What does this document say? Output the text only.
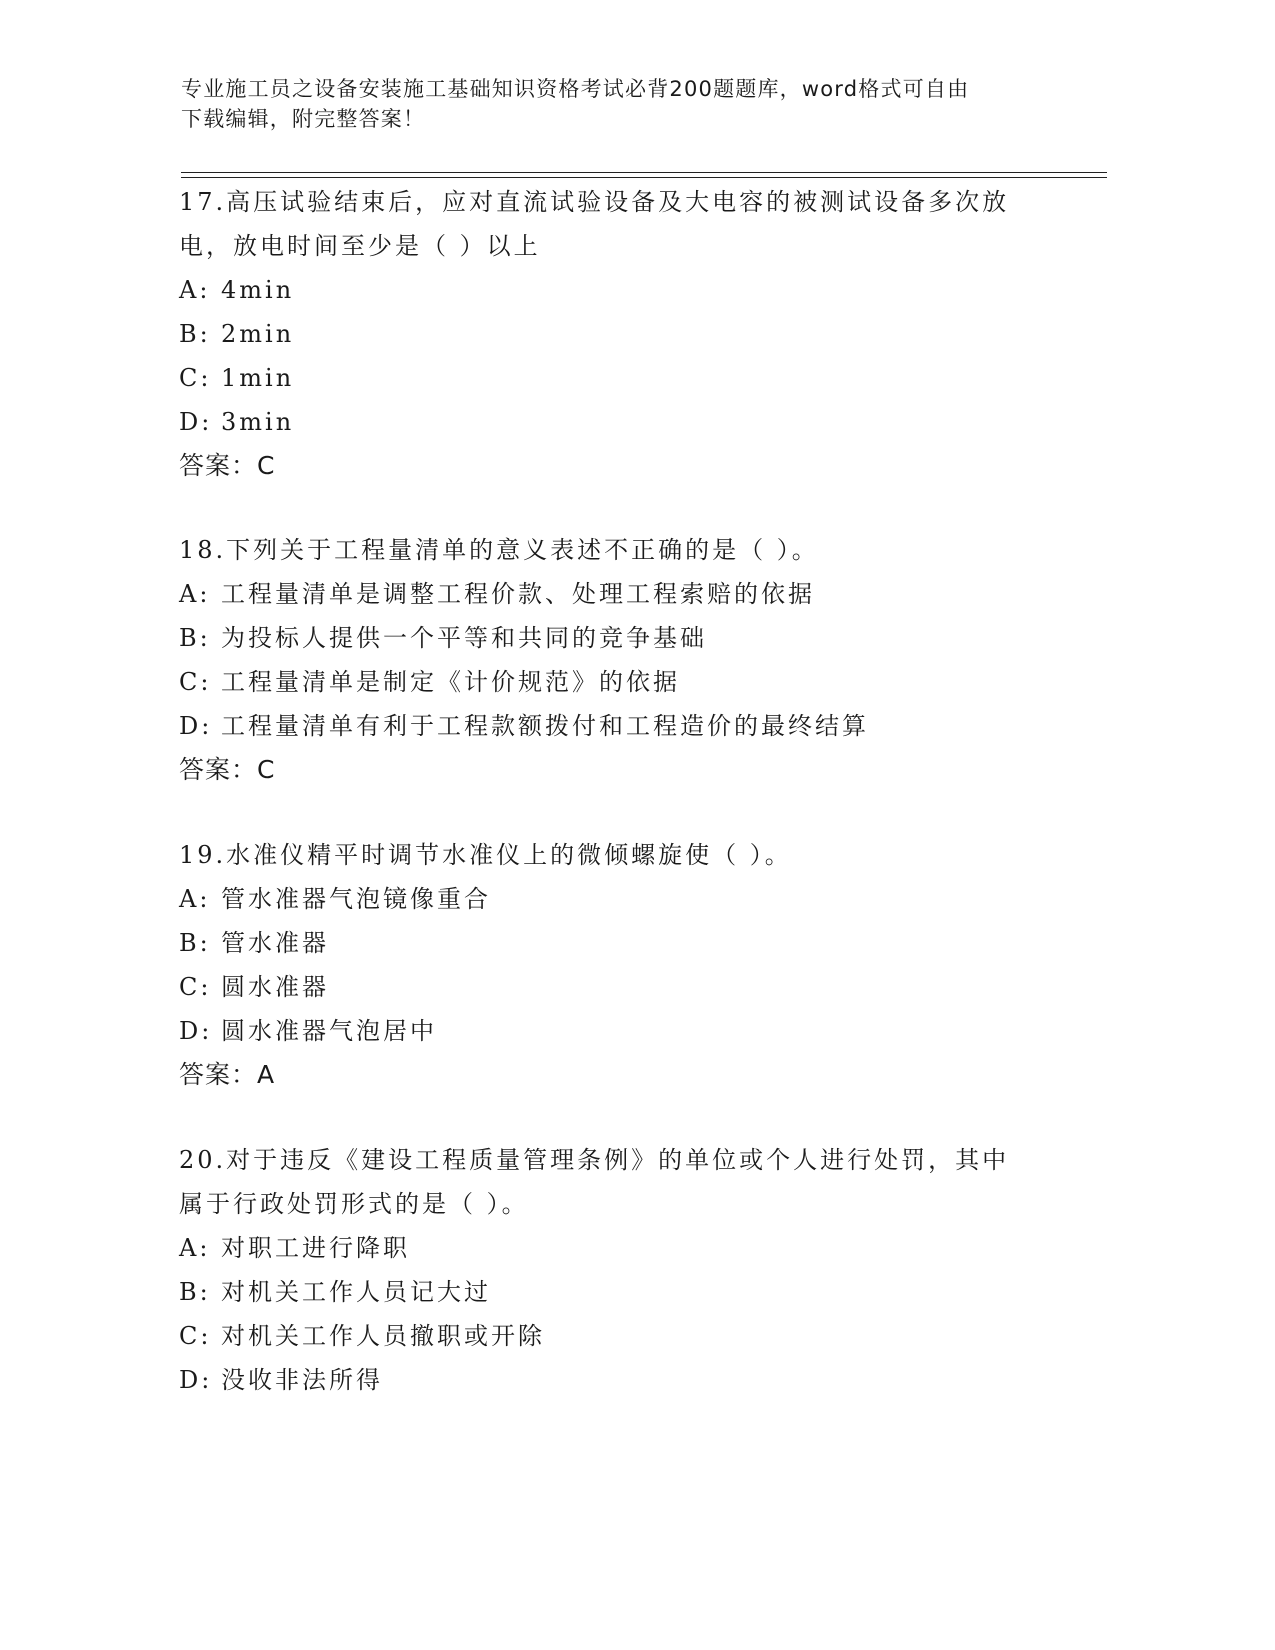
专业施工员之设备安装施工基础知识资格考试必背200题题库，word格式可自由
下载编辑，附完整答案！
17.高压试验结束后，应对直流试验设备及大电容的被测试设备多次放
电，放电时间至少是（ ）以上
A: 4min
B: 2min
C: 1min
D: 3min
答案：C
18.下列关于工程量清单的意义表述不正确的是（ ）。
A: 工程量清单是调整工程价款、处理工程索赔的依据
B: 为投标人提供一个平等和共同的竞争基础
C: 工程量清单是制定《计价规范》的依据
D: 工程量清单有利于工程款额拨付和工程造价的最终结算
答案：C
19.水准仪精平时调节水准仪上的微倾螺旋使（ ）。
A: 管水准器气泡镜像重合
B: 管水准器
C: 圆水准器
D: 圆水准器气泡居中
答案：A
20.对于违反《建设工程质量管理条例》的单位或个人进行处罚，其中
属于行政处罚形式的是（ ）。
A: 对职工进行降职
B: 对机关工作人员记大过
C: 对机关工作人员撤职或开除
D: 没收非法所得
